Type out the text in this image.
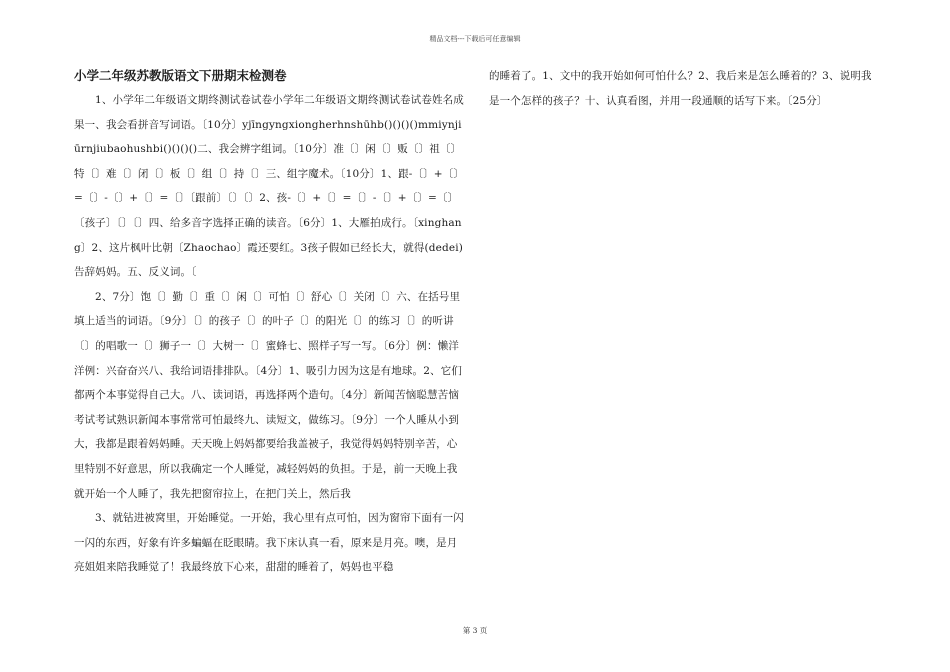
精品文档---下载后可任意编辑
小学二年级苏教版语文下册期末检测卷

1、小学年二年级语文期终测试卷试卷小学年二年级语文期终测试卷试卷姓名成果一、我会看拼音写词语。〔10分〕yjīngyngxiongherhnshūhb()()()()mmiynjiūrnjiubaohushbi()()()()二、我会辨字组词。〔10分〕准〔〕闲〔〕贩〔〕祖〔〕特〔〕难〔〕闭〔〕板〔〕组〔〕持〔〕三、组字魔术。〔10分〕1、跟-〔〕+〔〕=〔〕-〔〕+〔〕=〔〕〔跟前〕〔〕〔〕2、孩-〔〕+〔〕=〔〕-〔〕+〔〕=〔〕〔孩子〕〔〕〔〕四、给多音字选择正确的读音。〔6分〕1、大雁拍成行。〔xinghang〕2、这片枫叶比朝〔Zhaochao〕霞还要红。3孩子假如已经长大，就得(dedei)告辞妈妈。五、反义词。〔

2、7分〕饱〔〕勤〔〕重〔〕闲〔〕可怕〔〕舒心〔〕关闭〔〕六、在括号里填上适当的词语。〔9分〕〔〕的孩子〔〕的叶子〔〕的阳光〔〕的练习〔〕的听讲〔〕的唱歌一〔〕狮子一〔〕大树一〔〕蜜蜂七、照样子写一写。〔6分〕例：懒洋洋例：兴奋奋兴八、我给词语排排队。〔4分〕1、吸引力因为这是有地球。2、它们都两个本事觉得自己大。八、读词语，再选择两个造句。〔4分〕新闻苦恼聪慧苦恼考试考试熟识新闻本事常常可怕最终九、读短文，做练习。〔9分〕一个人睡从小到大，我都是跟着妈妈睡。天天晚上妈妈都要给我盖被子，我觉得妈妈特别辛苦，心里特别不好意思，所以我确定一个人睡觉，减轻妈妈的负担。于是，前一天晚上我就开始一个人睡了，我先把窗帘拉上，在把门关上，然后我

3、就钻进被窝里，开始睡觉。一开始，我心里有点可怕，因为窗帘下面有一闪一闪的东西，好象有许多蝙蝠在眨眼睛。我下床认真一看，原来是月亮。噢，是月亮姐姐来陪我睡觉了！我最终放下心来，甜甜的睡着了，妈妈也平稳

的睡着了。1、文中的我开始如何可怕什么？2、我后来是怎么睡着的？3、说明我是一个怎样的孩子？十、认真看图，并用一段通顺的话写下来。〔25分〕

第 3 页
